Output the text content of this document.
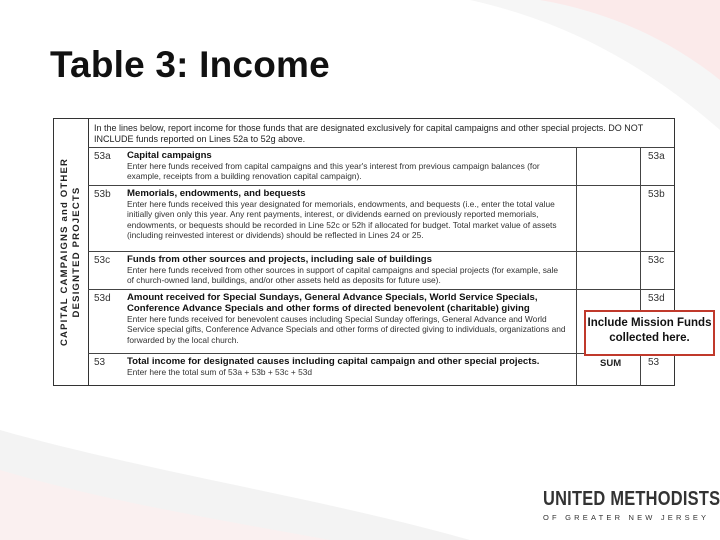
Table 3: Income
CAPITAL CAMPAIGNS and OTHER DESIGNTED PROJECTS
In the lines below, report income for those funds that are designated exclusively for capital campaigns and other special projects. DO NOT INCLUDE funds reported on Lines 52a to 52g above.
53a Capital campaigns
Enter here funds received from capital campaigns and this year's interest from previous campaign balances (for example, receipts from a building renovation capital campaign).
53a
53b Memorials, endowments, and bequests
Enter here funds received this year designated for memorials, endowments, and bequests (i.e., enter the total value initially given only this year. Any rent payments, interest, or dividends earned on previously reported memorials, endowments, or bequests should be recorded in Line 52c or 52h if allocated for budget. Total market value of assets (including reinvested interest or dividends) should be reflected in Lines 24 or 25.
53b
53c Funds from other sources and projects, including sale of buildings
Enter here funds received from other sources in support of capital campaigns and special projects (for example, sale of church-owned land, buildings, and/or other assets held as deposits for future use).
53c
53d Amount received for Special Sundays, General Advance Specials, World Service Specials, Conference Advance Specials and other forms of directed benevolent (charitable) giving
Enter here funds received for benevolent causes including Special Sunday offerings, General Advance and World Service special gifts, Conference Advance Specials and other forms of directed giving to individuals, organizations and forwarded by the local church.
53d
53 Total income for designated causes including capital campaign and other special projects.
Enter here the total sum of 53a + 53b + 53c + 53d
SUM	53
Include Mission Funds collected here.
UNITED METHODISTS
OF GREATER NEW JERSEY
